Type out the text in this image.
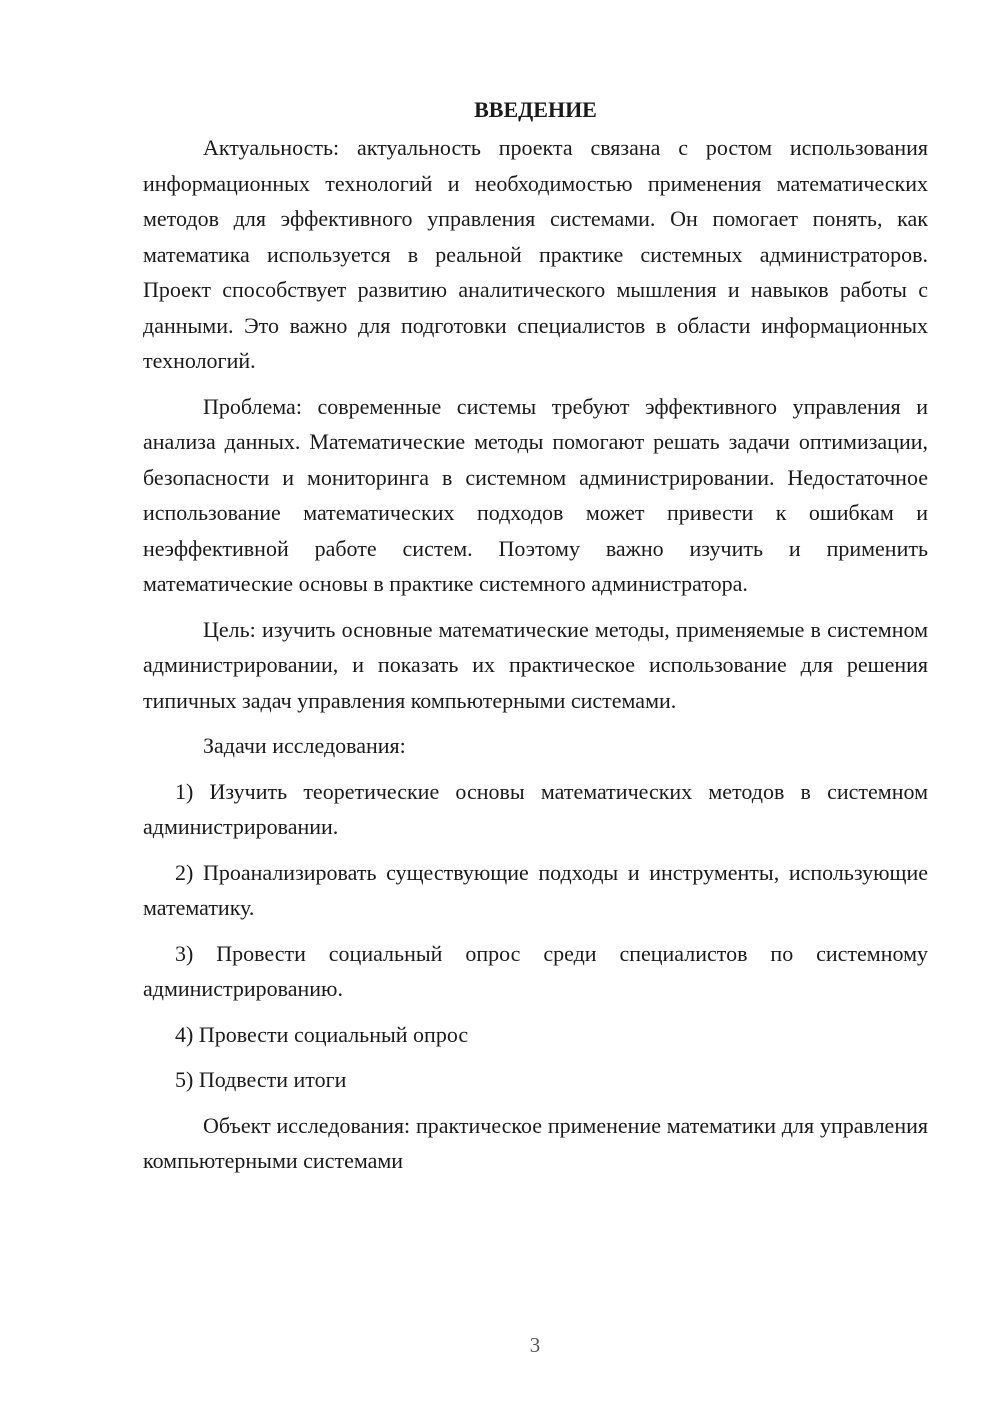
ВВЕДЕНИЕ

Актуальность: актуальность проекта связана с ростом использования информационных технологий и необходимостью применения математических методов для эффективного управления системами. Он помогает понять, как математика используется в реальной практике системных администраторов. Проект способствует развитию аналитического мышления и навыков работы с данными. Это важно для подготовки специалистов в области информационных технологий.

Проблема: современные системы требуют эффективного управления и анализа данных. Математические методы помогают решать задачи оптимизации, безопасности и мониторинга в системном администрировании. Недостаточное использование математических подходов может привести к ошибкам и неэффективной работе систем. Поэтому важно изучить и применить математические основы в практике системного администратора.

Цель: изучить основные математические методы, применяемые в системном администрировании, и показать их практическое использование для решения типичных задач управления компьютерными системами.

Задачи исследования:

1) Изучить теоретические основы математических методов в системном администрировании.

2) Проанализировать существующие подходы и инструменты, использующие математику.

3) Провести социальный опрос среди специалистов по системному администрированию.

4) Провести социальный опрос

5) Подвести итоги

Объект исследования: практическое применение математики для управления компьютерными системами

3
